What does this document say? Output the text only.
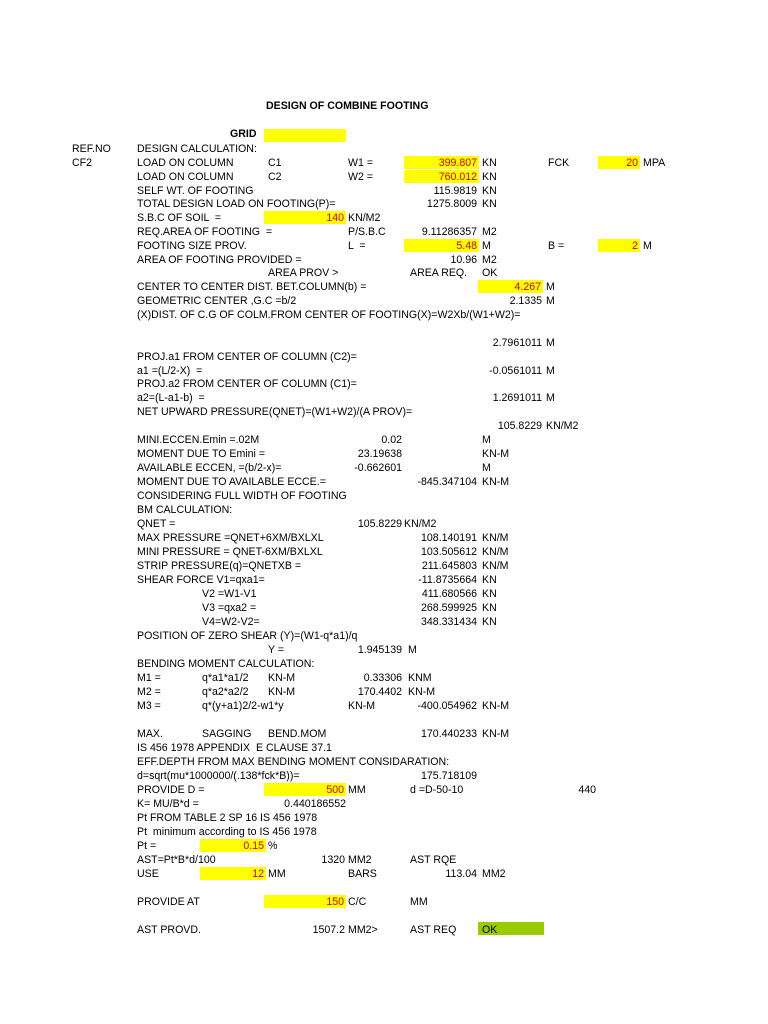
DESIGN OF COMBINE FOOTING
GRID
REF.NO DESIGN CALCULATION:
CF2	LOAD ON COLUMN	C1	W1 =	399.807 KN	FCK	20 MPA
LOAD ON COLUMN	C2	W2 =	760.012 KN
SELF WT. OF FOOTING	115.9819 KN
TOTAL DESIGN LOAD ON FOOTING(P)=	1275.8009 KN
S.B.C OF SOIL  =	140 KN/M2
REQ.AREA OF FOOTING  =	P/S.B.C	9.11286357 M2
FOOTING SIZE PROV.	L  =	5.48 M	B =	2 M
AREA OF FOOTING PROVIDED =	10.96 M2
AREA PROV >	AREA REQ. OK
CENTER TO CENTER DIST. BET.COLUMN(b) =	4.267 M
GEOMETRIC CENTER ,G.C =b/2	2.1335 M
(X)DIST. OF C.G OF COLM.FROM CENTER OF FOOTING(X)=W2Xb/(W1+W2)=
2.7961011 M
PROJ.a1 FROM CENTER OF COLUMN (C2)=
a1 =(L/2-X)  =	-0.0561011 M
PROJ.a2 FROM CENTER OF COLUMN (C1)=
a2=(L-a1-b)  =	1.2691011 M
NET UPWARD PRESSURE(QNET)=(W1+W2)/(A PROV)=
105.8229 KN/M2
MINI.ECCEN.Emin =.02M	0.02	M
MOMENT DUE TO Emini =	23.19638	KN-M
AVAILABLE ECCEN, =(b/2-x)=	-0.662601	M
MOMENT DUE TO AVAILABLE ECCE.=	-845.347104 KN-M
CONSIDERING FULL WIDTH OF FOOTING
BM CALCULATION:
QNET =	105.8229 KN/M2
MAX PRESSURE =QNET+6XM/BXLXL	108.140191 KN/M
MINI PRESSURE = QNET-6XM/BXLXL	103.505612 KN/M
STRIP PRESSURE(q)=QNETXB =	211.645803 KN/M
SHEAR FORCE V1=qxa1=	-11.8735664 KN
V2 =W1-V1	411.680566 KN
V3 =qxa2 =	268.599925 KN
V4=W2-V2=	348.331434 KN
POSITION OF ZERO SHEAR (Y)=(W1-q*a1)/q
Y =	1.945139 M
BENDING MOMENT CALCULATION:
M1 =	q*a1*a1/2 KN-M	0.33306 KNM
M2 =	q*a2*a2/2 KN-M	170.4402 KN-M
M3 =	q*(y+a1)2/2-w1*y	KN-M	-400.054962 KN-M
MAX.	SAGGING BEND.MOM	170.440233 KN-M
IS 456 1978 APPENDIX  E CLAUSE 37.1
EFF.DEPTH FROM MAX BENDING MOMENT CONSIDARATION:
d=sqrt(mu*1000000/(.138*fck*B))=	175.718109
PROVIDE D =	500 MM	d =D-50-10	440
K= MU/B*d =	0.440186552
Pt FROM TABLE 2 SP 16 IS 456 1978
Pt  minimum according to IS 456 1978
Pt =	0.15 %
AST=Pt*B*d/100	1320 MM2	AST RQE
USE	12 MM	BARS	113.04 MM2
PROVIDE AT	150 C/C	MM
AST PROVD.	1507.2 MM2>	AST REQ OK
